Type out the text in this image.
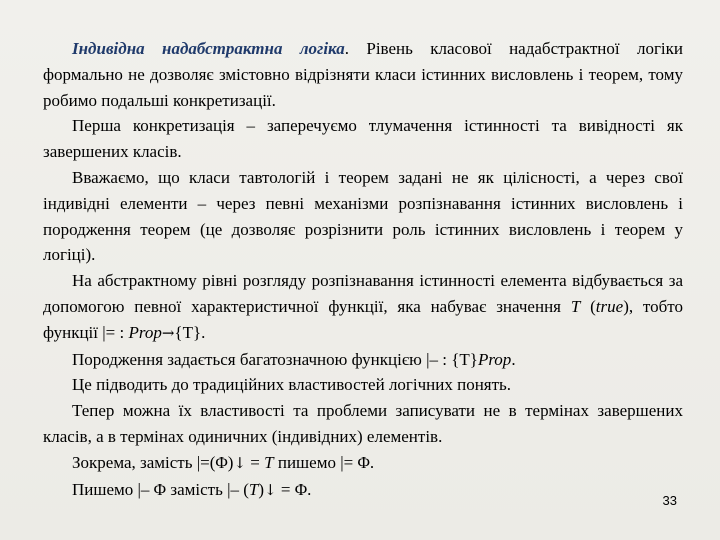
Індивідна надабстрактна логіка. Рівень класової надабстрактної логіки формально не дозволяє змістовно відрізняти класи істинних висловлень і теорем, тому робимо подальші конкретизації.

Перша конкретизація – заперечуємо тлумачення істинності та вивідності як завершених класів.

Вважаємо, що класи тавтологій і теорем задані не як цілісності, а через свої індивідні елементи – через певні механізми розпізнавання істинних висловлень і породження теорем (це дозволяє розрізнити роль істинних висловлень і теорем у логіці).

На абстрактному рівні розгляду розпізнавання істинності елемента відбувається за допомогою певної характеристичної функції, яка набуває значення T (true), тобто функції |= : Prop→{T}.

Породження задається багатозначною функцією |– : {T}Prop.

Це підводить до традиційних властивостей логічних понять.

Тепер можна їх властивості та проблеми записувати не в термінах завершених класів, а в термінах одиничних (індивідних) елементів.

Зокрема, замість |=(Φ)↓ = T пишемо |= Φ.

Пишемо |– Φ замість |– (T)↓ = Φ.

33
